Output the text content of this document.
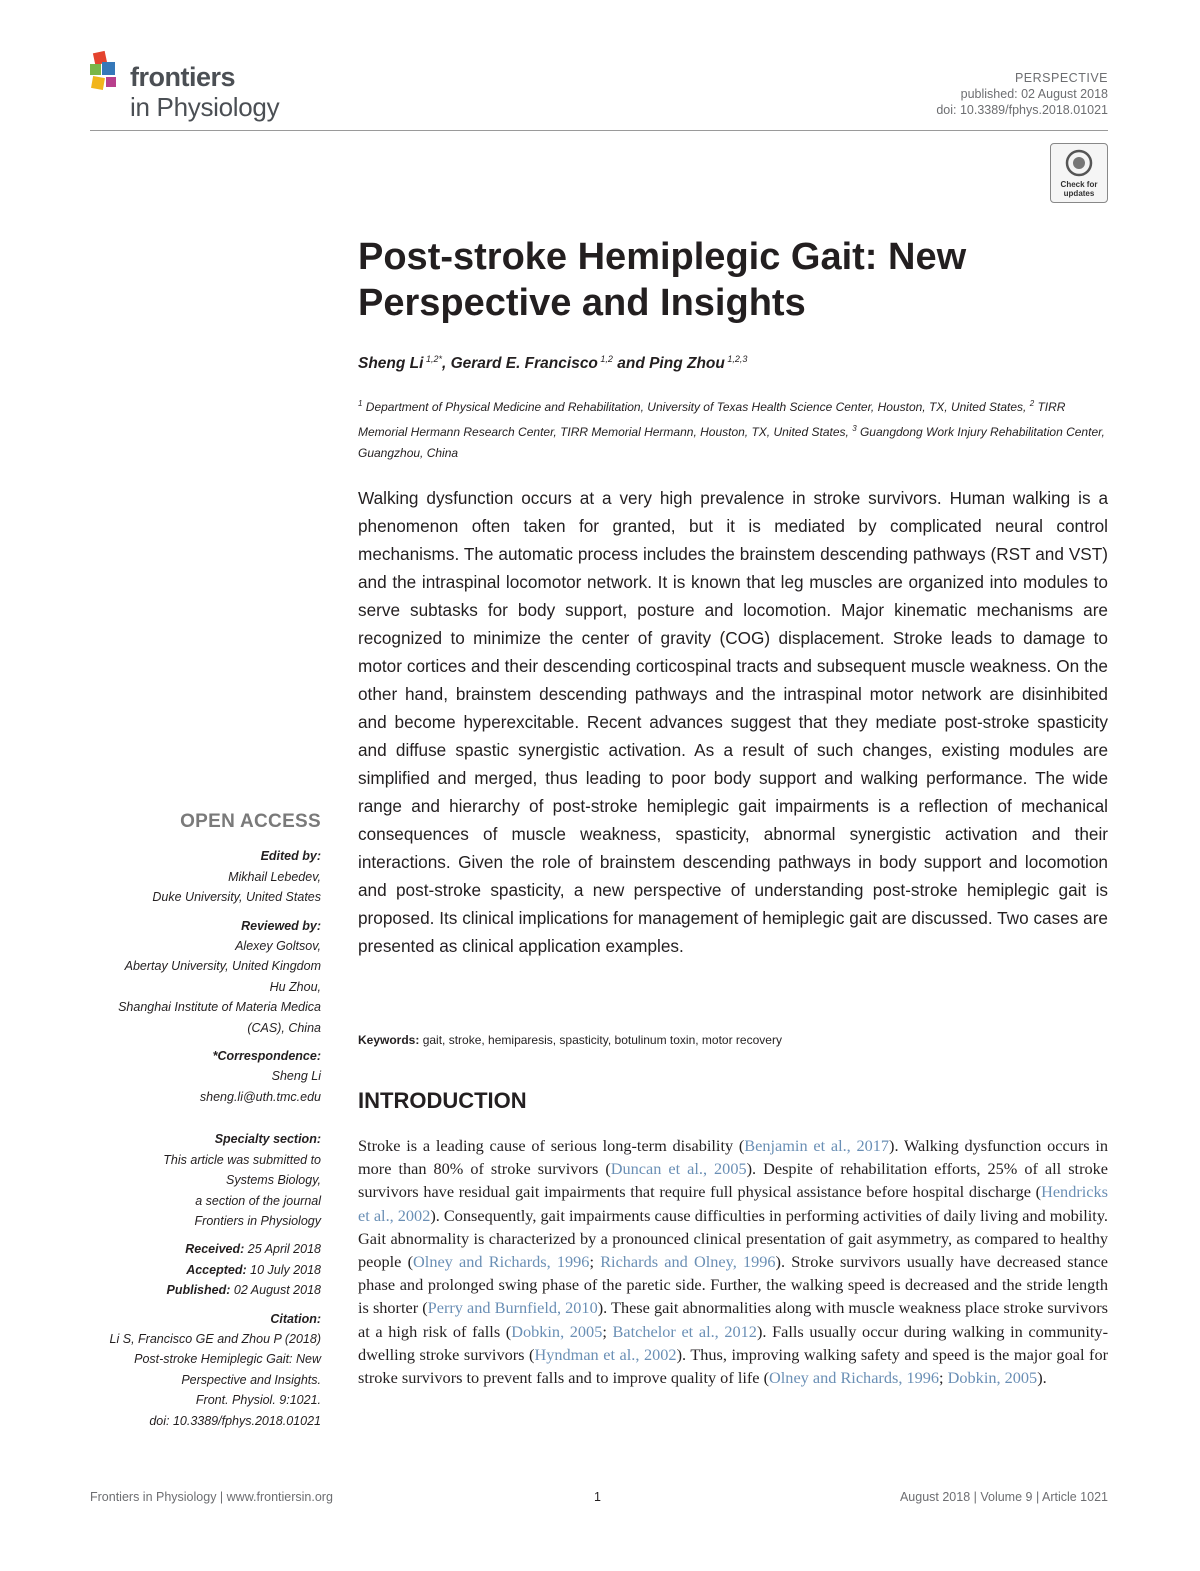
frontiers
in Physiology
PERSPECTIVE
published: 02 August 2018
doi: 10.3389/fphys.2018.01021
Check for updates
Post-stroke Hemiplegic Gait: New Perspective and Insights
Sheng Li $^{1,2*}$, Gerard E. Francisco $^{1,2}$ and Ping Zhou $^{1,2,3}$
$^1$ Department of Physical Medicine and Rehabilitation, University of Texas Health Science Center, Houston, TX, United States, $^2$ TIRR Memorial Hermann Research Center, TIRR Memorial Hermann, Houston, TX, United States, $^3$ Guangdong Work Injury Rehabilitation Center, Guangzhou, China
Walking dysfunction occurs at a very high prevalence in stroke survivors. Human walking is a phenomenon often taken for granted, but it is mediated by complicated neural control mechanisms. The automatic process includes the brainstem descending pathways (RST and VST) and the intraspinal locomotor network. It is known that leg muscles are organized into modules to serve subtasks for body support, posture and locomotion. Major kinematic mechanisms are recognized to minimize the center of gravity (COG) displacement. Stroke leads to damage to motor cortices and their descending corticospinal tracts and subsequent muscle weakness. On the other hand, brainstem descending pathways and the intraspinal motor network are disinhibited and become hyperexcitable. Recent advances suggest that they mediate post-stroke spasticity and diffuse spastic synergistic activation. As a result of such changes, existing modules are simplified and merged, thus leading to poor body support and walking performance. The wide range and hierarchy of post-stroke hemiplegic gait impairments is a reflection of mechanical consequences of muscle weakness, spasticity, abnormal synergistic activation and their interactions. Given the role of brainstem descending pathways in body support and locomotion and post-stroke spasticity, a new perspective of understanding post-stroke hemiplegic gait is proposed. Its clinical implications for management of hemiplegic gait are discussed. Two cases are presented as clinical application examples.
Keywords: gait, stroke, hemiparesis, spasticity, botulinum toxin, motor recovery
INTRODUCTION
Stroke is a leading cause of serious long-term disability (Benjamin et al., 2017). Walking dysfunction occurs in more than 80% of stroke survivors (Duncan et al., 2005). Despite of rehabilitation efforts, 25% of all stroke survivors have residual gait impairments that require full physical assistance before hospital discharge (Hendricks et al., 2002). Consequently, gait impairments cause difficulties in performing activities of daily living and mobility. Gait abnormality is characterized by a pronounced clinical presentation of gait asymmetry, as compared to healthy people (Olney and Richards, 1996; Richards and Olney, 1996). Stroke survivors usually have decreased stance phase and prolonged swing phase of the paretic side. Further, the walking speed is decreased and the stride length is shorter (Perry and Burnfield, 2010). These gait abnormalities along with muscle weakness place stroke survivors at a high risk of falls (Dobkin, 2005; Batchelor et al., 2012). Falls usually occur during walking in community-dwelling stroke survivors (Hyndman et al., 2002). Thus, improving walking safety and speed is the major goal for stroke survivors to prevent falls and to improve quality of life (Olney and Richards, 1996; Dobkin, 2005).
OPEN ACCESS
Edited by:
Mikhail Lebedev,
Duke University, United States
Reviewed by:
Alexey Goltsov,
Abertay University, United Kingdom
Hu Zhou,
Shanghai Institute of Materia Medica
(CAS), China
*Correspondence:
Sheng Li
sheng.li@uth.tmc.edu
Specialty section:
This article was submitted to
Systems Biology,
a section of the journal
Frontiers in Physiology
Received: 25 April 2018
Accepted: 10 July 2018
Published: 02 August 2018
Citation:
Li S, Francisco GE and Zhou P (2018)
Post-stroke Hemiplegic Gait: New
Perspective and Insights.
Front. Physiol. 9:1021.
doi: 10.3389/fphys.2018.01021
Frontiers in Physiology | www.frontiersin.org	1	August 2018 | Volume 9 | Article 1021
